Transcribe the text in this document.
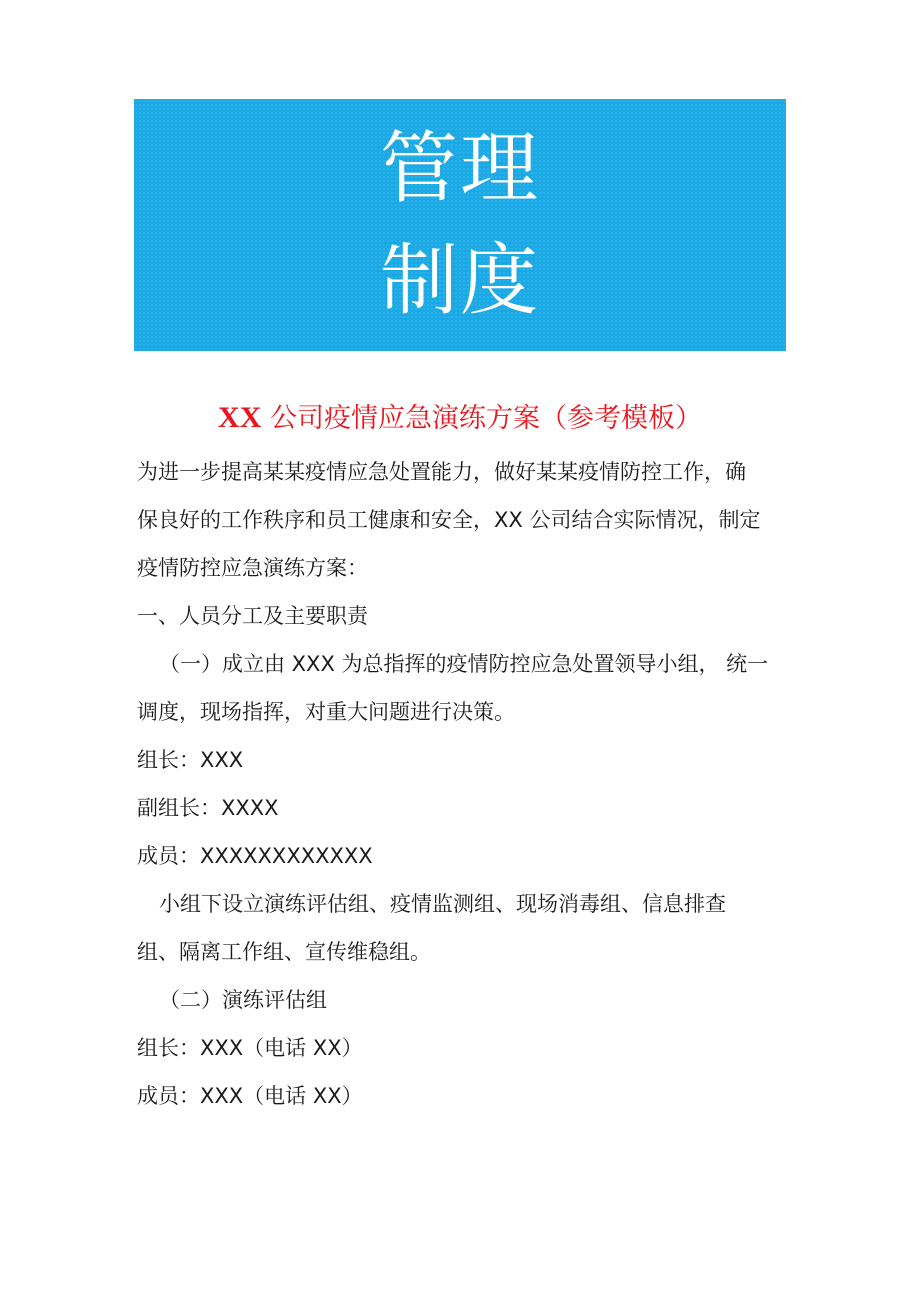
管理
制度
XX 公司疫情应急演练方案（参考模板）

为进一步提高某某疫情应急处置能力，做好某某疫情防控工作，确

保良好的工作秩序和员工健康和安全，XX 公司结合实际情况，制定

疫情防控应急演练方案：

一、人员分工及主要职责

（一）成立由 XXX 为总指挥的疫情防控应急处置领导小组， 统一

调度，现场指挥，对重大问题进行决策。

组长：XXX

副组长：XXXX

成员：XXXXXXXXXXXX

小组下设立演练评估组、疫情监测组、现场消毒组、信息排查

组、隔离工作组、宣传维稳组。

（二）演练评估组

组长：XXX（电话 XX）

成员：XXX（电话 XX）
